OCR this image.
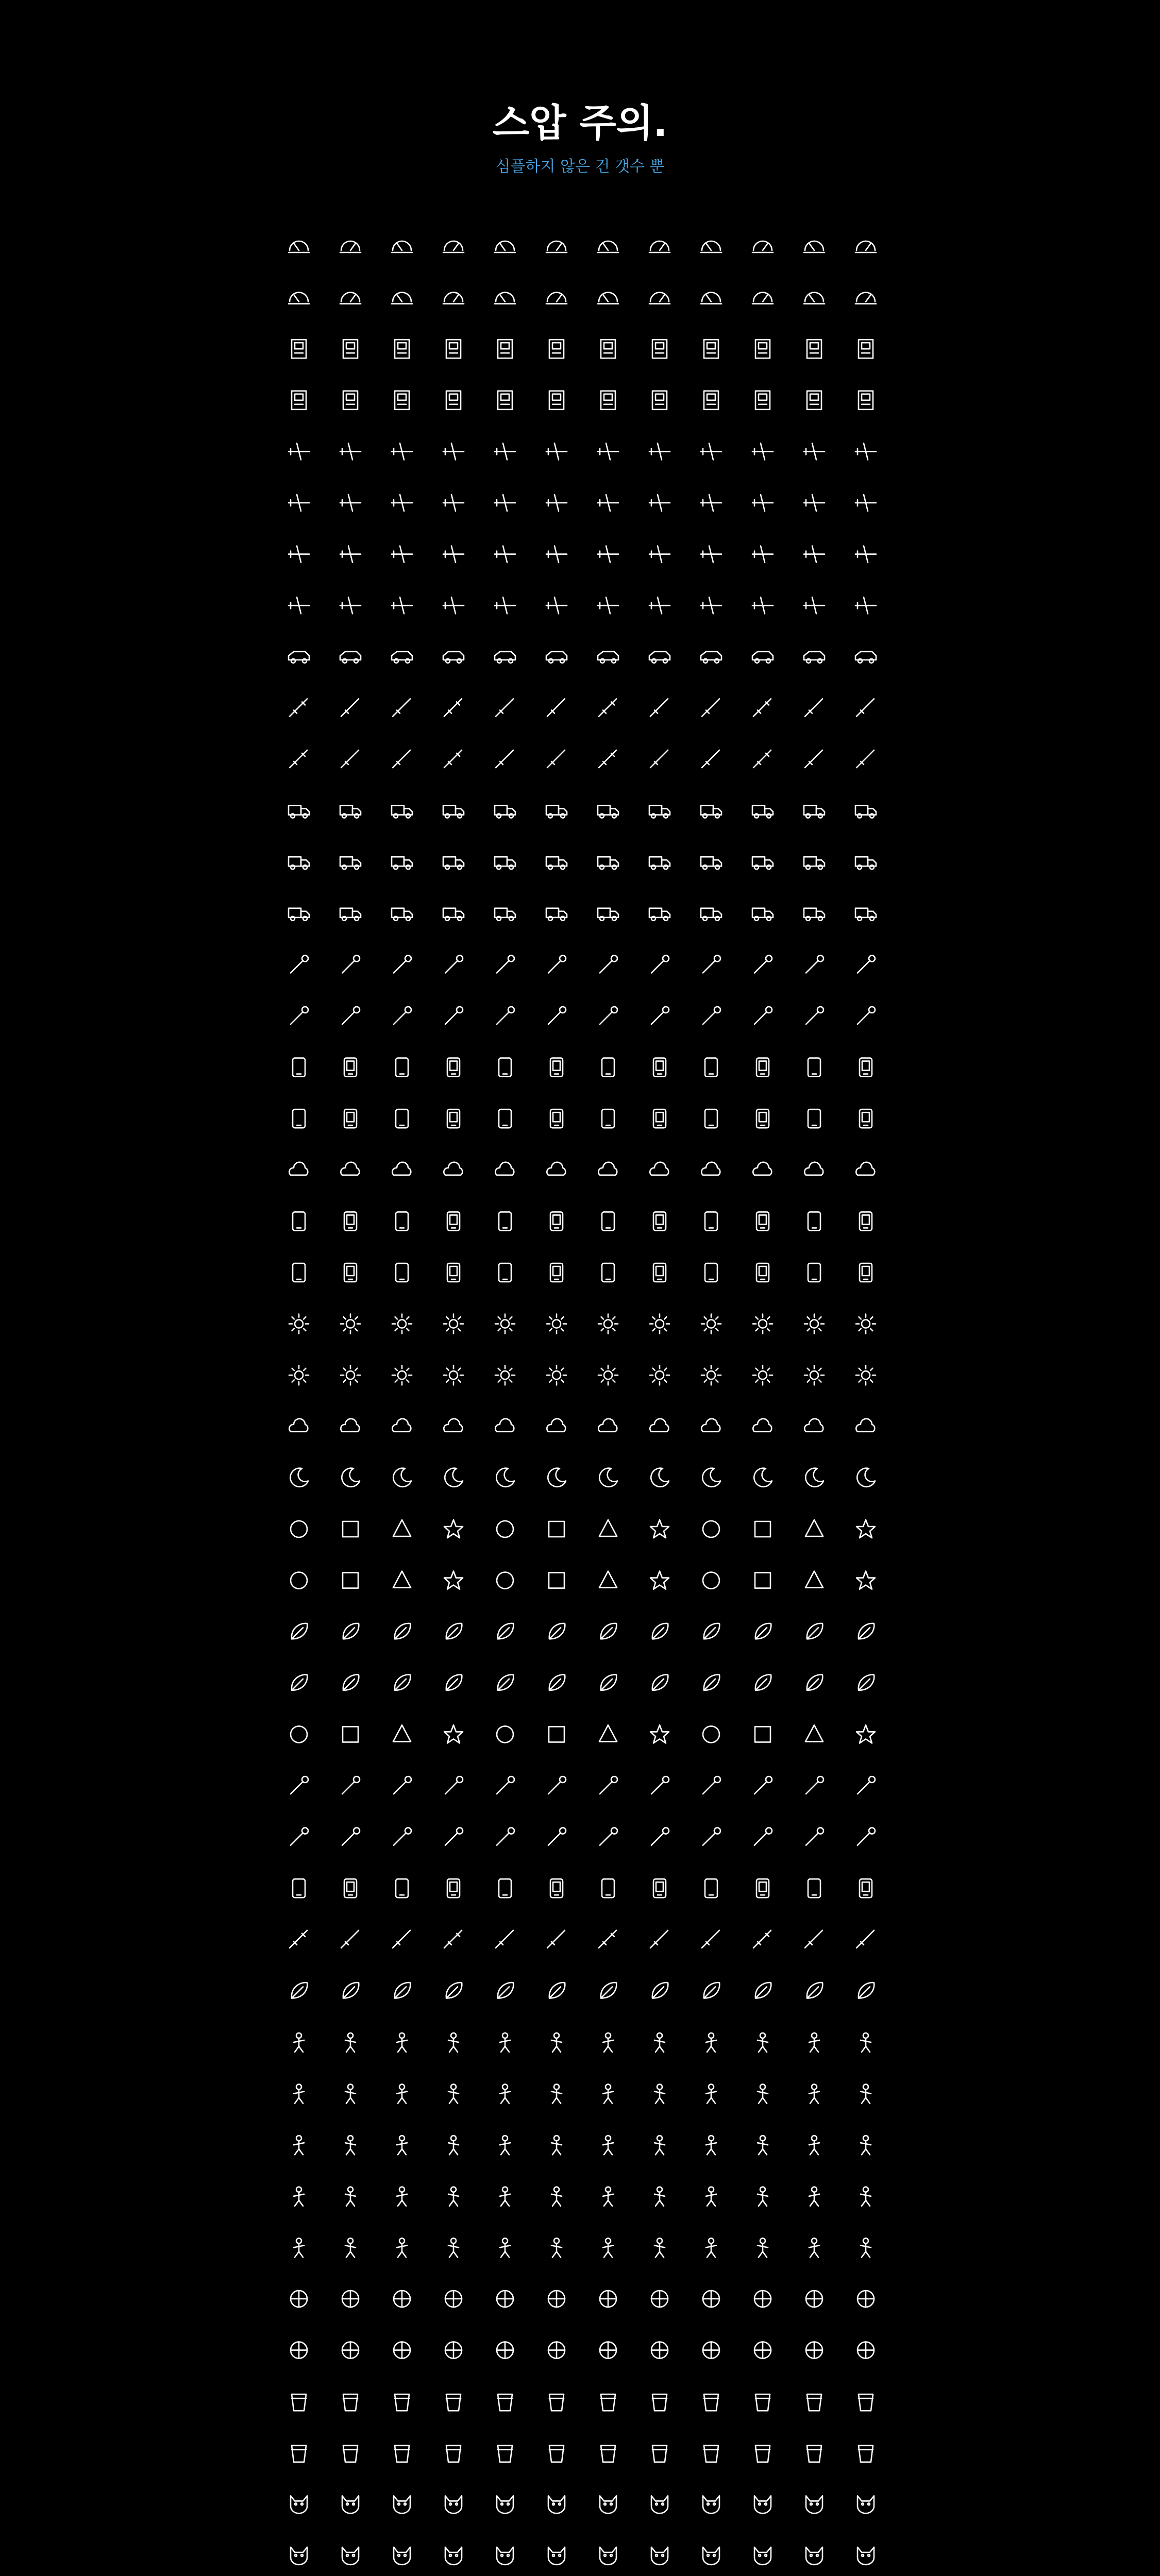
스압 주의.
심플하지 않은 건 갯수 뿐
